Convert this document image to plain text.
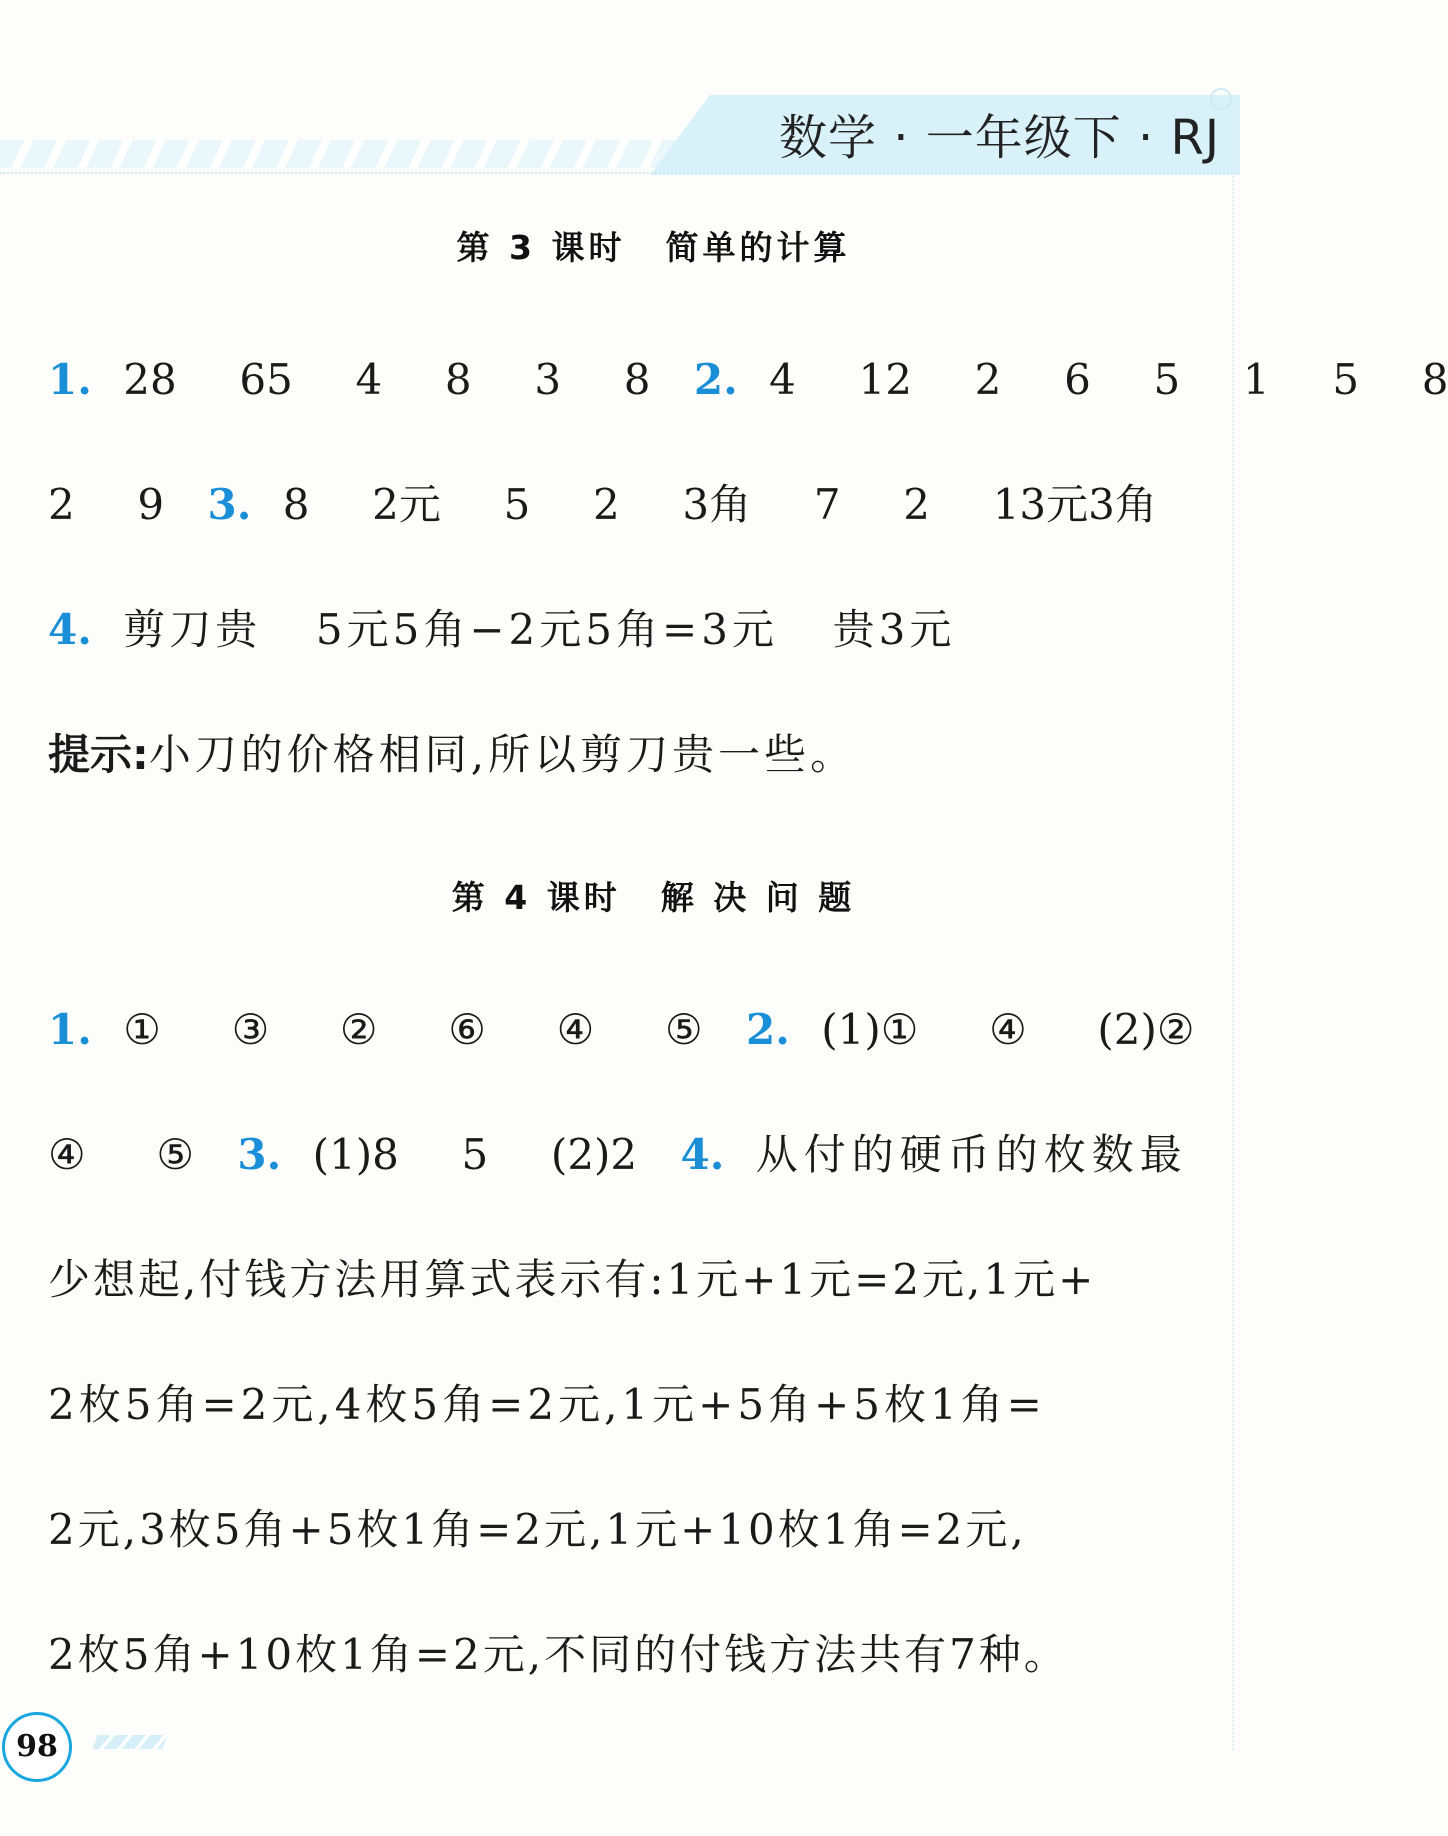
数学 · 一年级下 · RJ
第 3 课时 简单的计算
1. 28  65  4  8  3  8 2. 4  12  2  6  5  1  5  8
2  9 3. 8  2元  5  2  3角  7  2  13元3角
4. 剪刀贵  5元5角−2元5角=3元  贵3元
提示:小刀的价格相同,所以剪刀贵一些。
第 4 课时 解 决 问 题
1. ①  ③  ②  ⑥  ④  ⑤ 2. (1)①  ④  (2)②
④  ⑤ 3. (1)8  5  (2)2 4. 从付的硬币的枚数最
少想起,付钱方法用算式表示有:1元+1元=2元,1元+
2枚5角=2元,4枚5角=2元,1元+5角+5枚1角=
2元,3枚5角+5枚1角=2元,1元+10枚1角=2元,
2枚5角+10枚1角=2元,不同的付钱方法共有7种。
98
